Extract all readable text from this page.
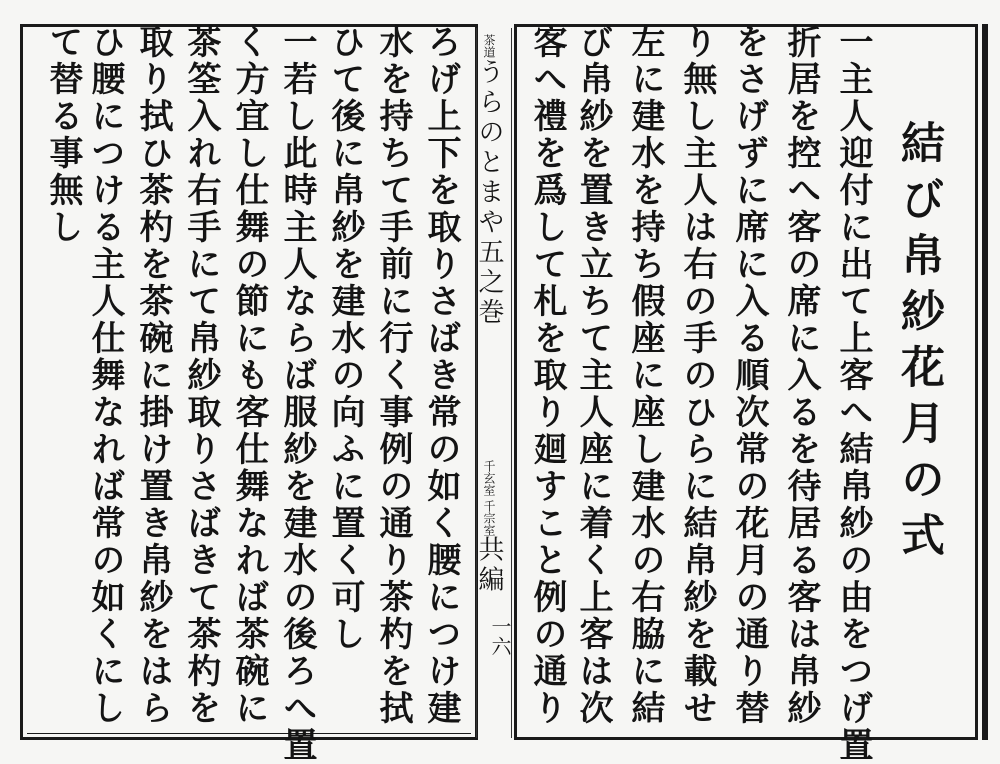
結び帛紗花月の式
一主人迎付に出て上客へ結帛紗の由をつげ置
折居を控へ客の席に入るを待居る客は帛紗
をさげずに席に入る順次常の花月の通り替
り無し主人は右の手のひらに結帛紗を載せ
左に建水を持ち假座に座し建水の右脇に結
び帛紗を置き立ちて主人座に着く上客は次
客へ禮を爲して札を取り廻すこと例の通り
茶道うらのとまや五之巻
千玄室 千宗室共編
一六
ろげ上下を取りさばき常の如く腰につけ建
水を持ちて手前に行く事例の通り茶杓を拭
ひて後に帛紗を建水の向ふに置く可し
一若し此時主人ならば服紗を建水の後ろへ置
く方宜し仕舞の節にも客仕舞なれば茶碗に
茶筌入れ右手にて帛紗取りさばきて茶杓を
取り拭ひ茶杓を茶碗に掛け置き帛紗をはら
ひ腰につける主人仕舞なれば常の如くにし
て替る事無し
